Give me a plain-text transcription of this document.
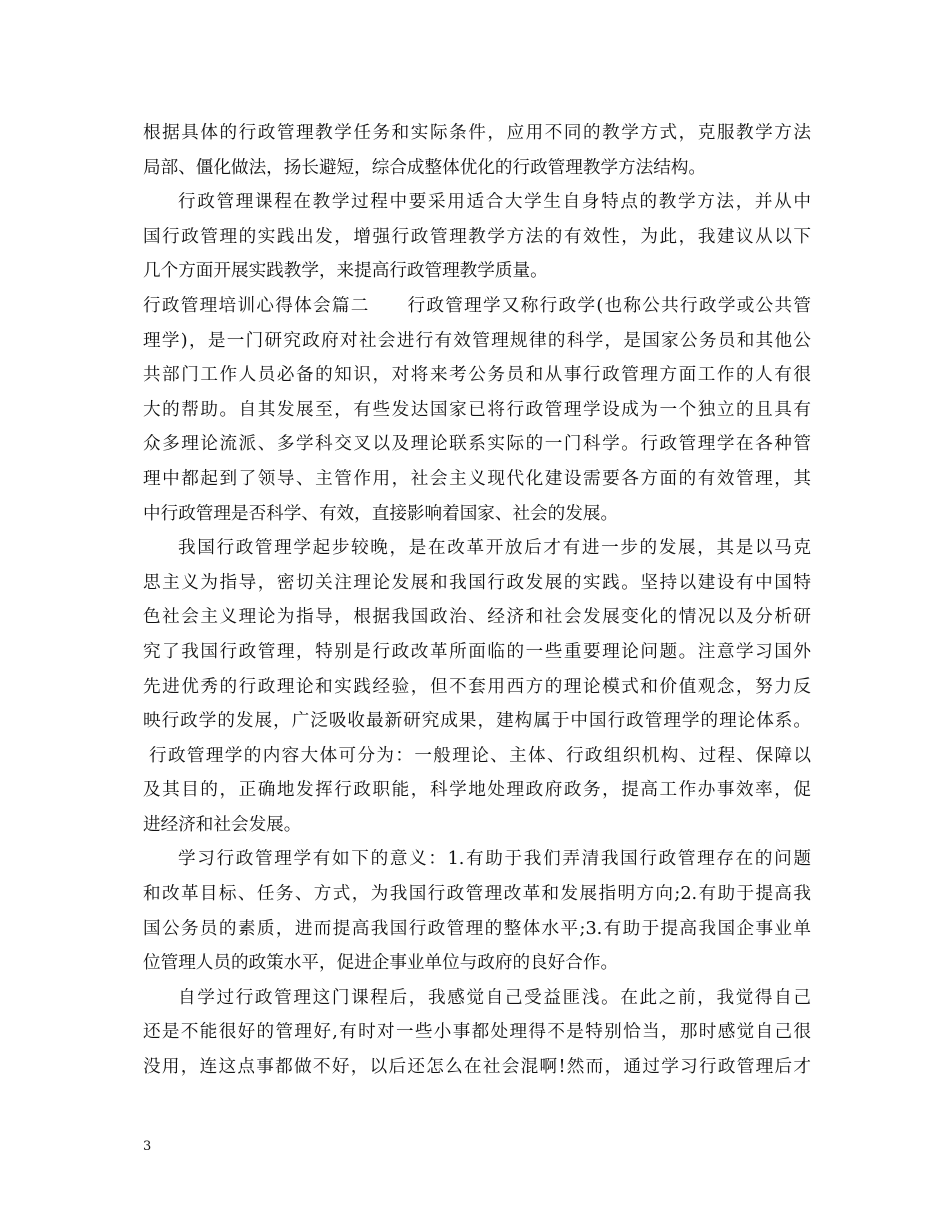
根据具体的行政管理教学任务和实际条件，应用不同的教学方式，克服教学方法
局部、僵化做法，扬长避短，综合成整体优化的行政管理教学方法结构。
行政管理课程在教学过程中要采用适合大学生自身特点的教学方法，并从中
国行政管理的实践出发，增强行政管理教学方法的有效性，为此，我建议从以下
几个方面开展实践教学，来提高行政管理教学质量。
行政管理培训心得体会篇二　　行政管理学又称行政学(也称公共行政学或公共管
理学)，是一门研究政府对社会进行有效管理规律的科学，是国家公务员和其他公
共部门工作人员必备的知识，对将来考公务员和从事行政管理方面工作的人有很
大的帮助。自其发展至，有些发达国家已将行政管理学设成为一个独立的且具有
众多理论流派、多学科交叉以及理论联系实际的一门科学。行政管理学在各种管
理中都起到了领导、主管作用，社会主义现代化建设需要各方面的有效管理，其
中行政管理是否科学、有效，直接影响着国家、社会的发展。
我国行政管理学起步较晚，是在改革开放后才有进一步的发展，其是以马克
思主义为指导，密切关注理论发展和我国行政发展的实践。坚持以建设有中国特
色社会主义理论为指导，根据我国政治、经济和社会发展变化的情况以及分析研
究了我国行政管理，特别是行政改革所面临的一些重要理论问题。注意学习国外
先进优秀的行政理论和实践经验，但不套用西方的理论模式和价值观念，努力反
映行政学的发展，广泛吸收最新研究成果，建构属于中国行政管理学的理论体系。
行政管理学的内容大体可分为：一般理论、主体、行政组织机构、过程、保障以
及其目的，正确地发挥行政职能，科学地处理政府政务，提高工作办事效率，促
进经济和社会发展。
学习行政管理学有如下的意义：1.有助于我们弄清我国行政管理存在的问题
和改革目标、任务、方式，为我国行政管理改革和发展指明方向;2.有助于提高我
国公务员的素质，进而提高我国行政管理的整体水平;3.有助于提高我国企事业单
位管理人员的政策水平，促进企事业单位与政府的良好合作。
自学过行政管理这门课程后，我感觉自己受益匪浅。在此之前，我觉得自己
还是不能很好的管理好,有时对一些小事都处理得不是特别恰当，那时感觉自己很
没用，连这点事都做不好，以后还怎么在社会混啊!然而，通过学习行政管理后才
3
